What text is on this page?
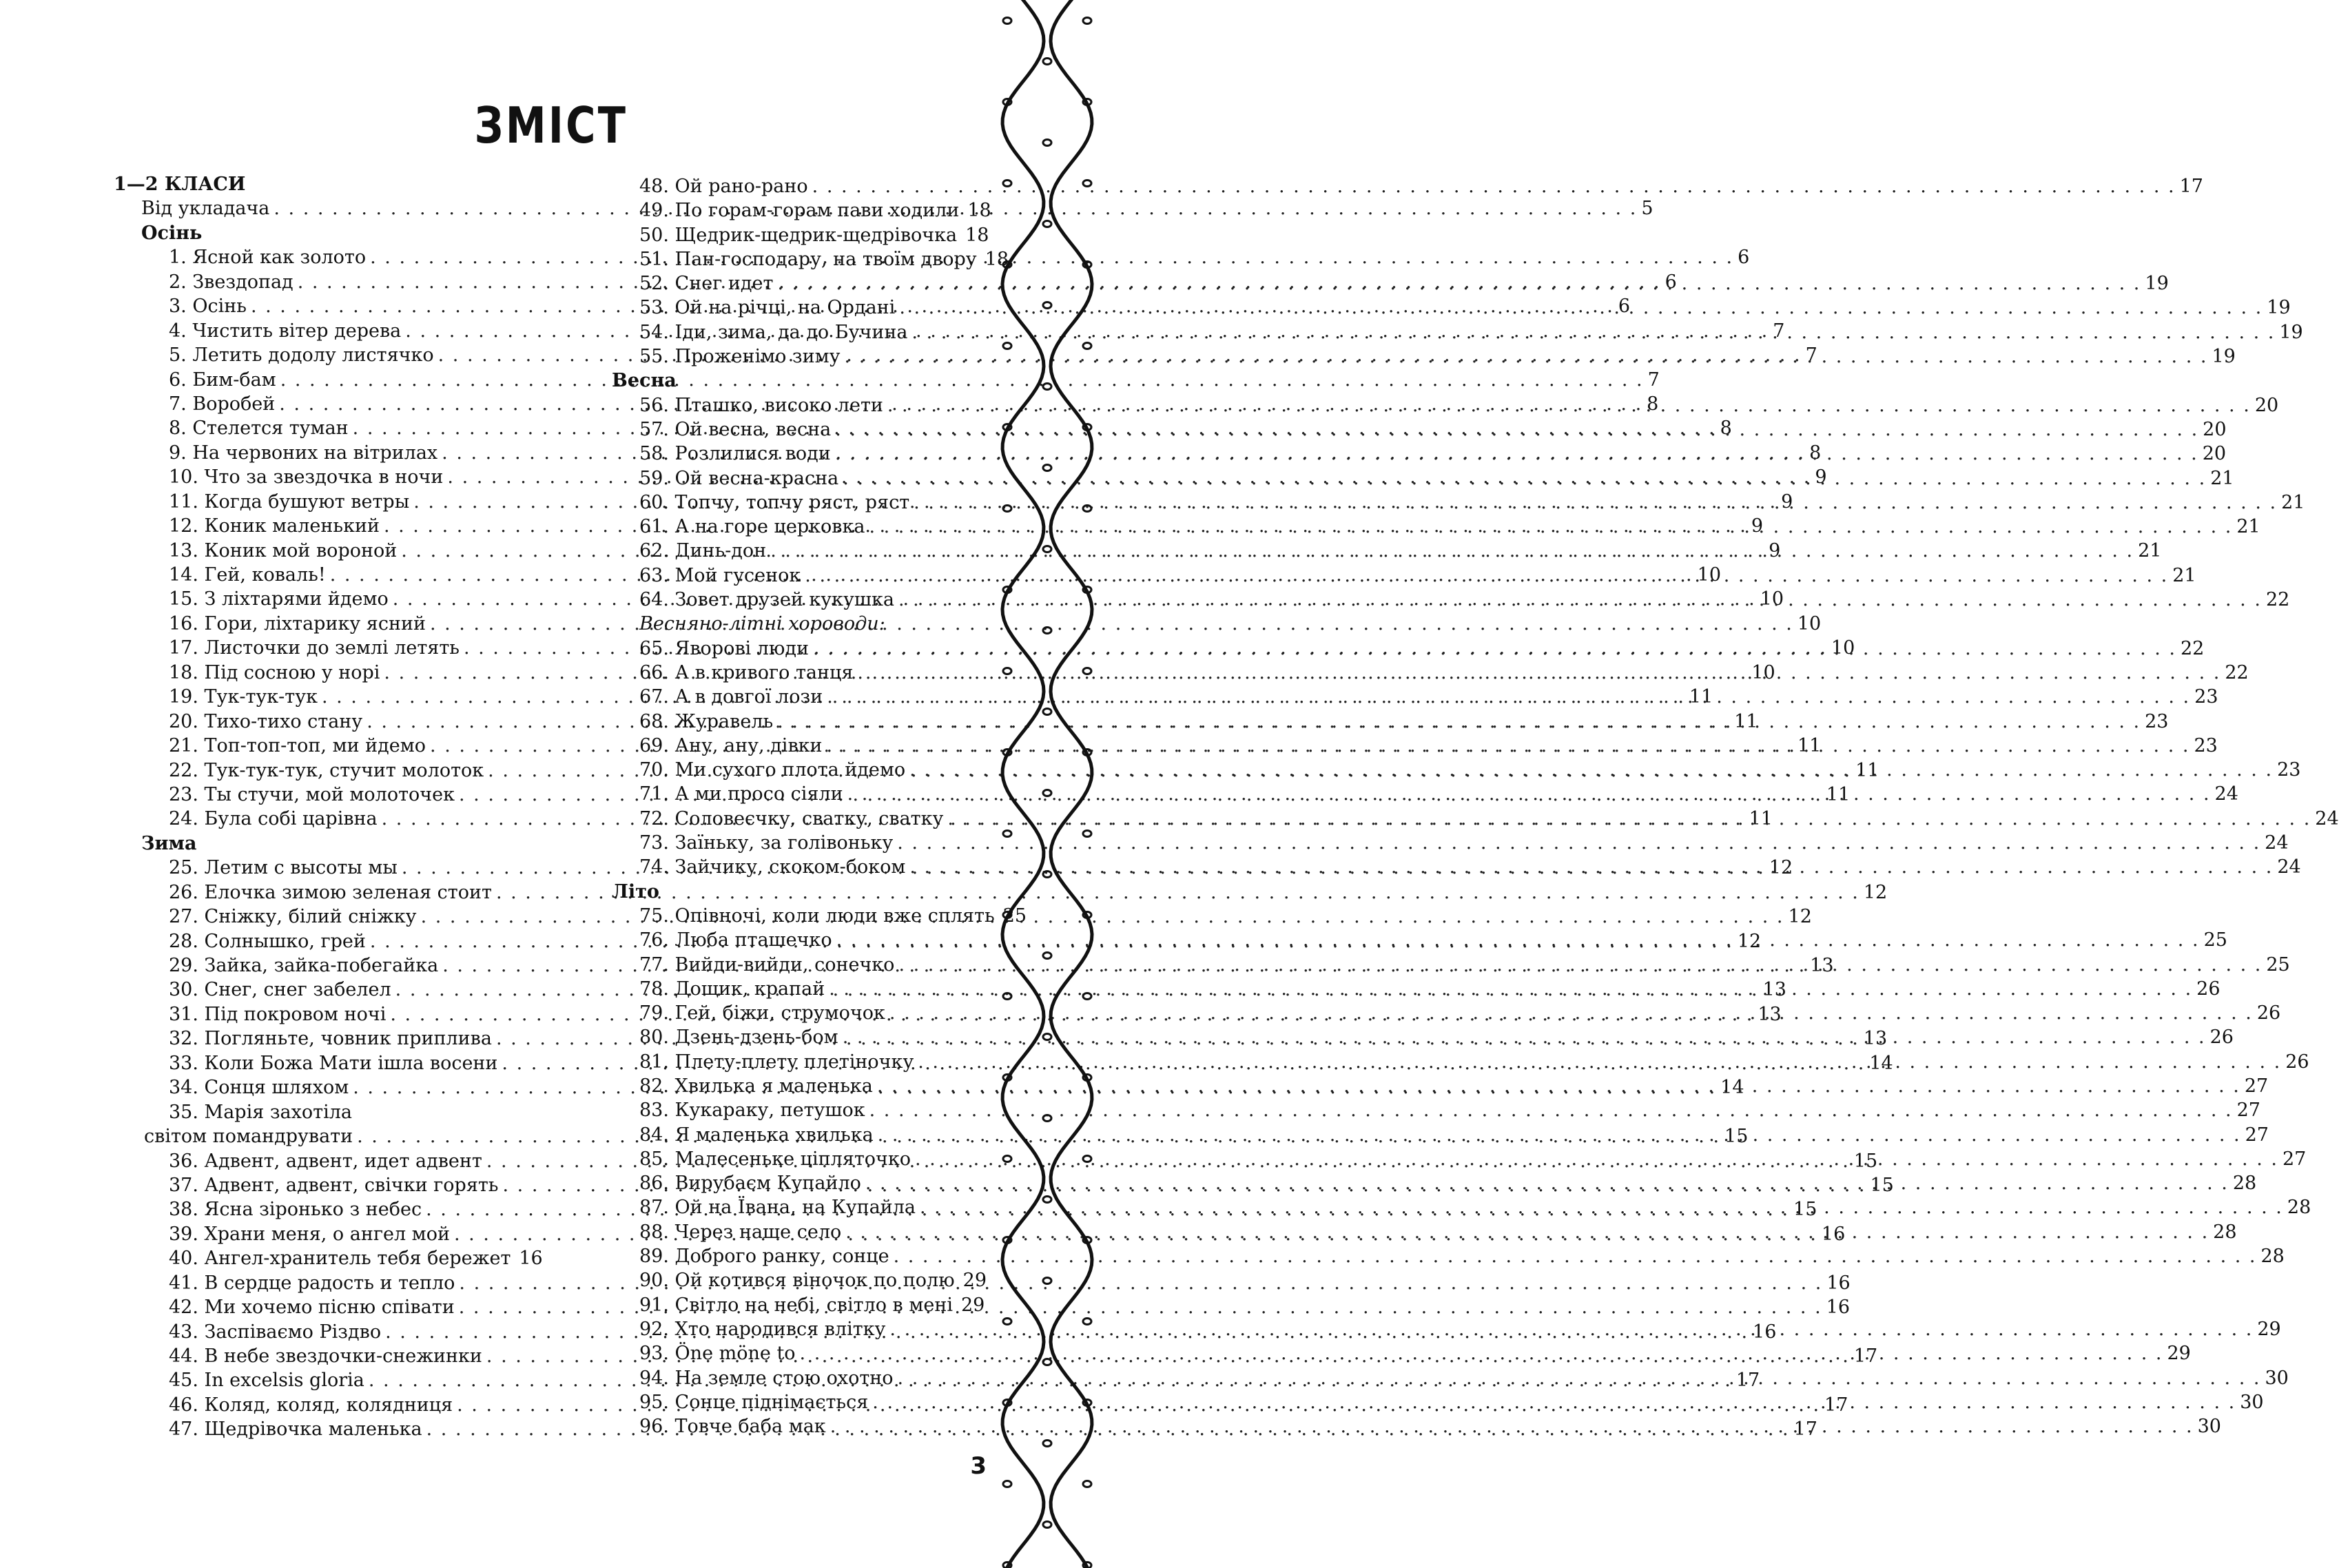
ЗМІСТ
1—2 КЛАСИ
Від укладача . . .	5
Осінь
1. Ясной как золото . . .	6
2. Звездопад . . .	6
3. Осінь . . .	6
4. Чистить вітер дерева . . .	7
5. Летить додолу листячко . . .	7
6. Бим-бам . . .	7
7. Воробей . . .	8
8. Стелется туман . . .	8
9. На червоних на вітрилах . . .	8
10. Что за звездочка в ночи . . .	9
11. Когда бушуют ветры . . .	9
12. Коник маленький . . .	9
13. Коник мой вороной . . .	9
14. Гей, коваль! . . .	10
15. З ліхтарями йдемо . . .	10
16. Гори, ліхтарику ясний . . .	10
17. Листочки до землі летять . . .	10
18. Під сосною у норі . . .	10
19. Тук-тук-тук . . .	11
20. Тихо-тихо стану . . .	11
21. Топ-топ-топ, ми йдемо . . .	11
22. Тук-тук-тук, стучит молоток . . .	11
23. Ты стучи, мой молоточек . . .	11
24. Була собі царівна . . .	11
Зима
25. Летим с высоты мы . . .	12
26. Елочка зимою зеленая стоит . . .	12
27. Сніжку, білий сніжку . . .	12
28. Солнышко, грей . . .	12
29. Зайка, зайка-побегайка . . .	13
30. Снег, снег забелел . . .	13
31. Під покровом ночі . . .	13
32. Погляньте, човник приплива . . .	13
33. Коли Божа Мати ішла восени . . .	14
34. Сонця шляхом . . .	14
35. Марія захотіла
світом помандрувати . . .	15
36. Адвент, адвент, идет адвент . . .	15
37. Адвент, адвент, свічки горять . . .	15
38. Ясна зіронько з небес . . .	15
39. Храни меня, о ангел мой . . .	16
40. Ангел-хранитель тебя бережет 16
41. В сердце радость и тепло . . .	16
42. Ми хочемо пісню співати . . .	16
43. Заспіваємо Різдво . . .	16
44. В небе звездочки-снежинки . . .	17
45. In excelsis gloria . . .	17
46. Коляд, коляд, колядниця . . .	17
47. Щедрівочка маленька . . .	17
48. Ой рано-рано . . .	17
49. По горам-горам пави ходили 18
50. Щедрик-щедрик-щедрівочка 18
51. Пан-господару, на твоїм двору 18
52. Снег идет . . .	19
53. Ой на річці, на Ордані . . .	19
54. Іди, зима, да до Бучина . . .	19
55. Проженімо зиму . . .	19
Весна
56. Пташко, високо лети . . .	20
57. Ой весна, весна . . .	20
58. Розлилися води . . .	20
59. Ой весна-красна . . .	21
60. Топчу, топчу ряст, ряст . . .	21
61. А на горе церковка . . .	21
62. Динь-дон . . .	21
63. Мой гусенок . . .	21
64. Зовет друзей кукушка . . .	22
Весняно-літні хороводи:
65. Яворові люди . . .	22
66. А в кривого танця . . .	22
67. А в довгої лози . . .	23
68. Журавель . . .	23
69. Ану, ану, дівки . . .	23
70. Ми сухого плота йдемо . . .	23
71. А ми просо сіяли . . .	24
72. Соловеєчку, сватку, сватку . . .	24
73. Заїньку, за голівоньку . . .	24
74. Зайчику, скоком-боком . . .	24
Літо
75. Опівночі, коли люди вже сплять 25
76. Люба пташечко . . .	25
77. Вийди-вийди, сонечко . . .	25
78. Дощик, крапай . . .	26
79. Гей, біжи, струмочок . . .	26
80. Дзень-дзень-бом . . .	26
81. Плету-плету плетіночку . . .	26
82. Хвилька я маленька . . .	27
83. Кукараку, петушок . . .	27
84. Я маленька хвилька . . .	27
85. Малесеньке ціпляточко . . .	27
86. Вирубаєм Купайло . . .	28
87. Ой на Ївана, на Купайла . . .	28
88. Через наше село . . .	28
89. Доброго ранку, сонце . . .	28
90. Ой котився віночок по полю 29
91. Світло на небі, світло в мені 29
92. Хто народився влітку . . .	29
93. Öne möne to . . .	29
94. На земле стою охотно . . .	30
95. Сонце піднімається . . .	30
96. Товче баба мак . . .	30
3
